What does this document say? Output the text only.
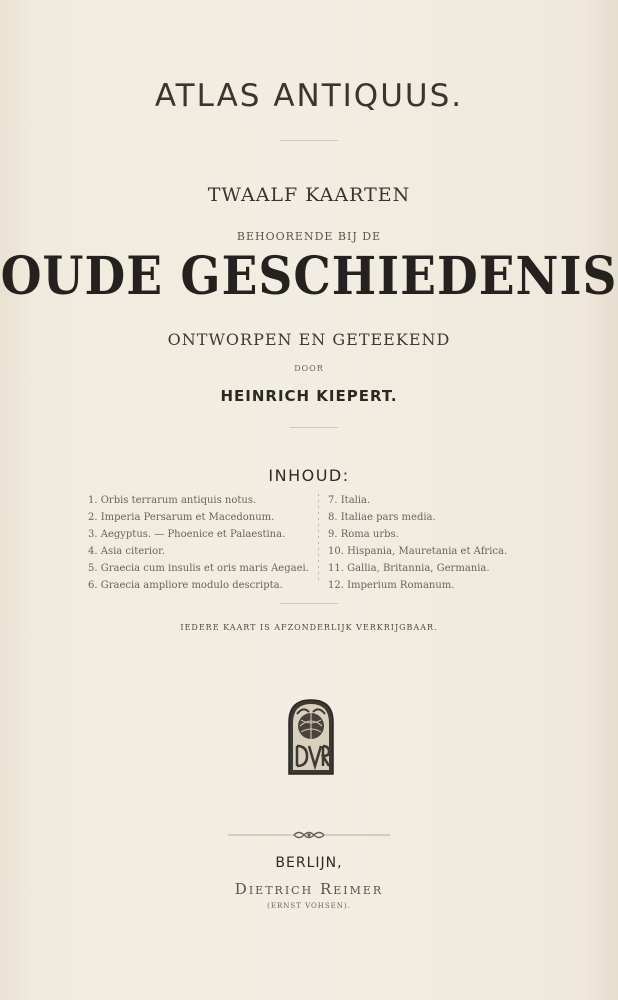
ATLAS ANTIQUUS.
TWAALF KAARTEN
BEHOORENDE BIJ DE
OUDE GESCHIEDENIS
ONTWORPEN EN GETEEKEND
DOOR
HEINRICH KIEPERT.
INHOUD:
1. Orbis terrarum antiquis notus.
2. Imperia Persarum et Macedonum.
3. Aegyptus. — Phoenice et Palaestina.
4. Asia citerior.
5. Graecia cum insulis et oris maris Aegaei.
6. Graecia ampliore modulo descripta.
7. Italia.
8. Italiae pars media.
9. Roma urbs.
10. Hispania, Mauretania et Africa.
11. Gallia, Britannia, Germania.
12. Imperium Romanum.
IEDERE KAART IS AFZONDERLIJK VERKRIJGBAAR.
BERLIJN,
Dietrich Reimer
(ERNST VOHSEN).
